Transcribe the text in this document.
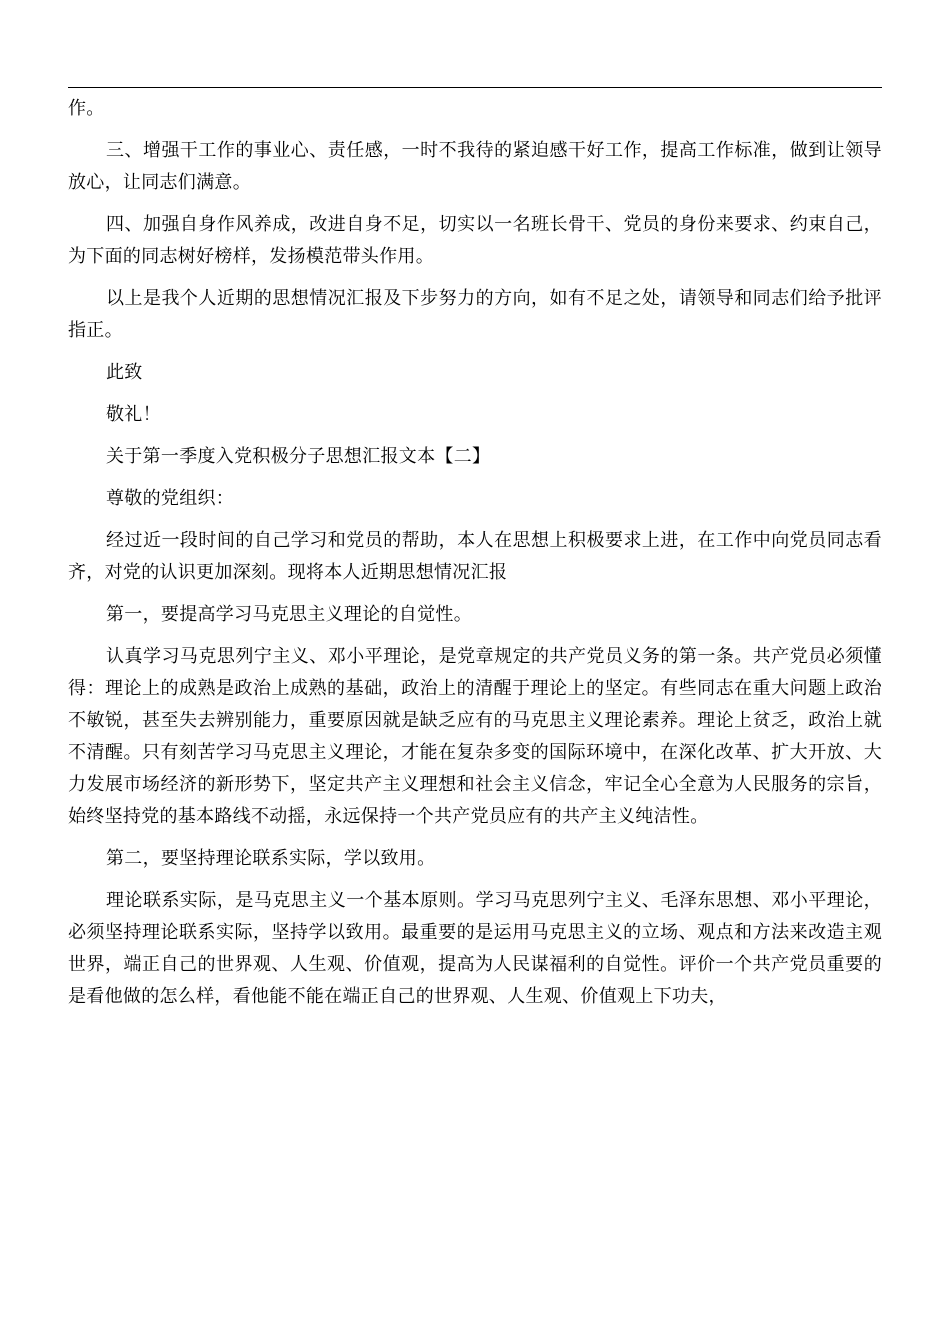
作。

三、增强干工作的事业心、责任感，一时不我待的紧迫感干好工作，提高工作标准，做到让领导放心，让同志们满意。

四、加强自身作风养成，改进自身不足，切实以一名班长骨干、党员的身份来要求、约束自己，为下面的同志树好榜样，发扬模范带头作用。

以上是我个人近期的思想情况汇报及下步努力的方向，如有不足之处，请领导和同志们给予批评指正。

此致

敬礼！

关于第一季度入党积极分子思想汇报文本【二】

尊敬的党组织：

经过近一段时间的自己学习和党员的帮助，本人在思想上积极要求上进，在工作中向党员同志看齐，对党的认识更加深刻。现将本人近期思想情况汇报

第一，要提高学习马克思主义理论的自觉性。

认真学习马克思列宁主义、邓小平理论，是党章规定的共产党员义务的第一条。共产党员必须懂得：理论上的成熟是政治上成熟的基础，政治上的清醒于理论上的坚定。有些同志在重大问题上政治不敏锐，甚至失去辨别能力，重要原因就是缺乏应有的马克思主义理论素养。理论上贫乏，政治上就不清醒。只有刻苦学习马克思主义理论，才能在复杂多变的国际环境中，在深化改革、扩大开放、大力发展市场经济的新形势下，坚定共产主义理想和社会主义信念，牢记全心全意为人民服务的宗旨，始终坚持党的基本路线不动摇，永远保持一个共产党员应有的共产主义纯洁性。

第二，要坚持理论联系实际，学以致用。

理论联系实际，是马克思主义一个基本原则。学习马克思列宁主义、毛泽东思想、邓小平理论，必须坚持理论联系实际，坚持学以致用。最重要的是运用马克思主义的立场、观点和方法来改造主观世界，端正自己的世界观、人生观、价值观，提高为人民谋福利的自觉性。评价一个共产党员重要的是看他做的怎么样，看他能不能在端正自己的世界观、人生观、价值观上下功夫，
